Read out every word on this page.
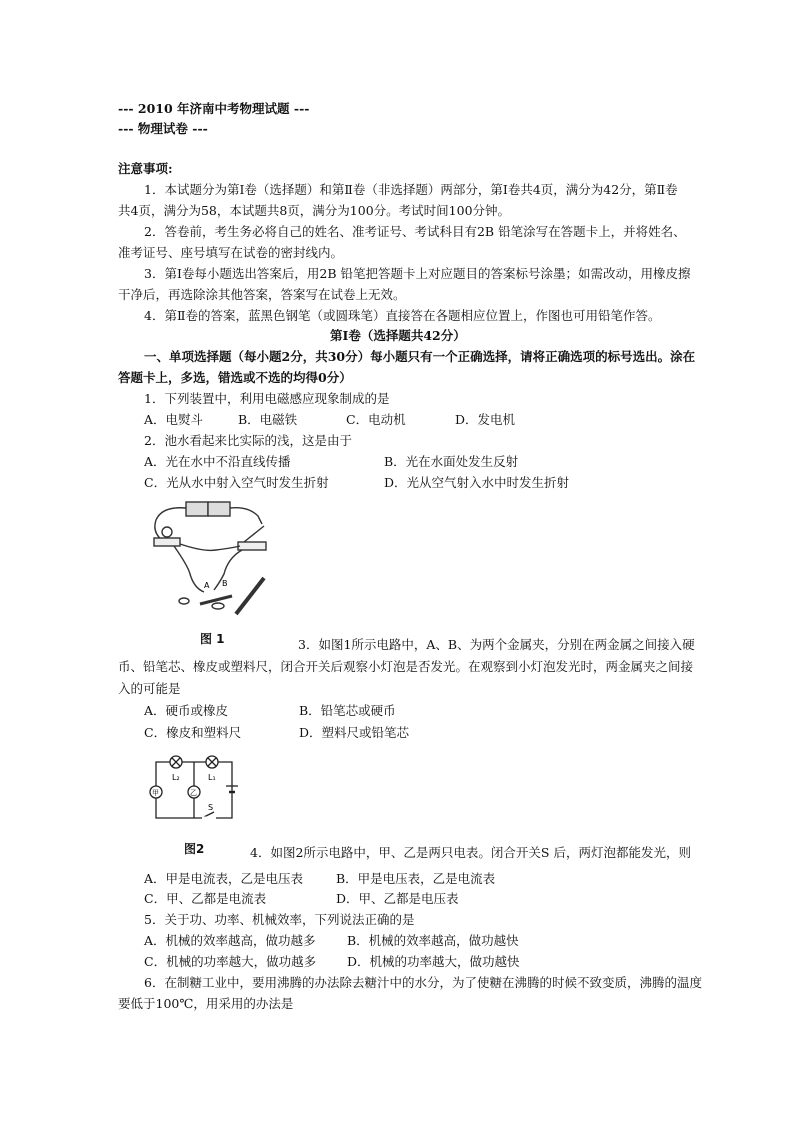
--- 2010 年济南中考物理试题 ---
--- 物理试卷 ---
注意事项:
1．本试题分为第Ⅰ卷（选择题）和第Ⅱ卷（非选择题）两部分，第Ⅰ卷共4页，满分为42分，第Ⅱ卷
共4页，满分为58，本试题共8页，满分为100分。考试时间100分钟。
2．答卷前，考生务必将自己的姓名、准考证号、考试科目有2B 铅笔涂写在答题卡上，并将姓名、
准考证号、座号填写在试卷的密封线内。
3．第Ⅰ卷每小题选出答案后，用2B 铅笔把答题卡上对应题目的答案标号涂墨；如需改动，用橡皮擦
干净后，再选除涂其他答案，答案写在试卷上无效。
4．第Ⅱ卷的答案，蓝黑色钢笔（或圆珠笔）直接答在各题相应位置上，作图也可用铅笔作答。
第Ⅰ卷（选择题共42分）
一、单项选择题（每小题2分，共30分）每小题只有一个正确选择，请将正确选项的标号选出。涂在
答题卡上，多选，错选或不选的均得0分）
1．下列装置中，利用电磁感应现象制成的是
A．电熨斗	B．电磁铁	C．电动机	D．发电机
2．池水看起来比实际的浅，这是由于
A．光在水中不沿直线传播	B．光在水面处发生反射
C．光从水中射入空气时发生折射	D．光从空气射入水中时发生折射
A B
图 1	3．如图1所示电路中，A、B、为两个金属夹，分别在两金属之间接入硬
币、铅笔芯、橡皮或塑料尺，闭合开关后观察小灯泡是否发光。在观察到小灯泡发光时，两金属夹之间接
入的可能是
A．硬币或橡皮	B．铅笔芯或硬币
C．橡皮和塑料尺	D．塑料尺或铅笔芯
L₂	L₁
甲	乙
S
图2	4．如图2所示电路中，甲、乙是两只电表。闭合开关S 后，两灯泡都能发光，则
A．甲是电流表，乙是电压表	B．甲是电压表，乙是电流表
C．甲、乙都是电流表	D．甲、乙都是电压表
5．关于功、功率、机械效率，下列说法正确的是
A．机械的效率越高，做功越多	B．机械的效率越高，做功越快
C．机械的功率越大，做功越多 D．机械的功率越大，做功越快
6．在制糖工业中，要用沸腾的办法除去糖汁中的水分，为了使糖在沸腾的时候不致变质，沸腾的温度
要低于100℃，用采用的办法是
